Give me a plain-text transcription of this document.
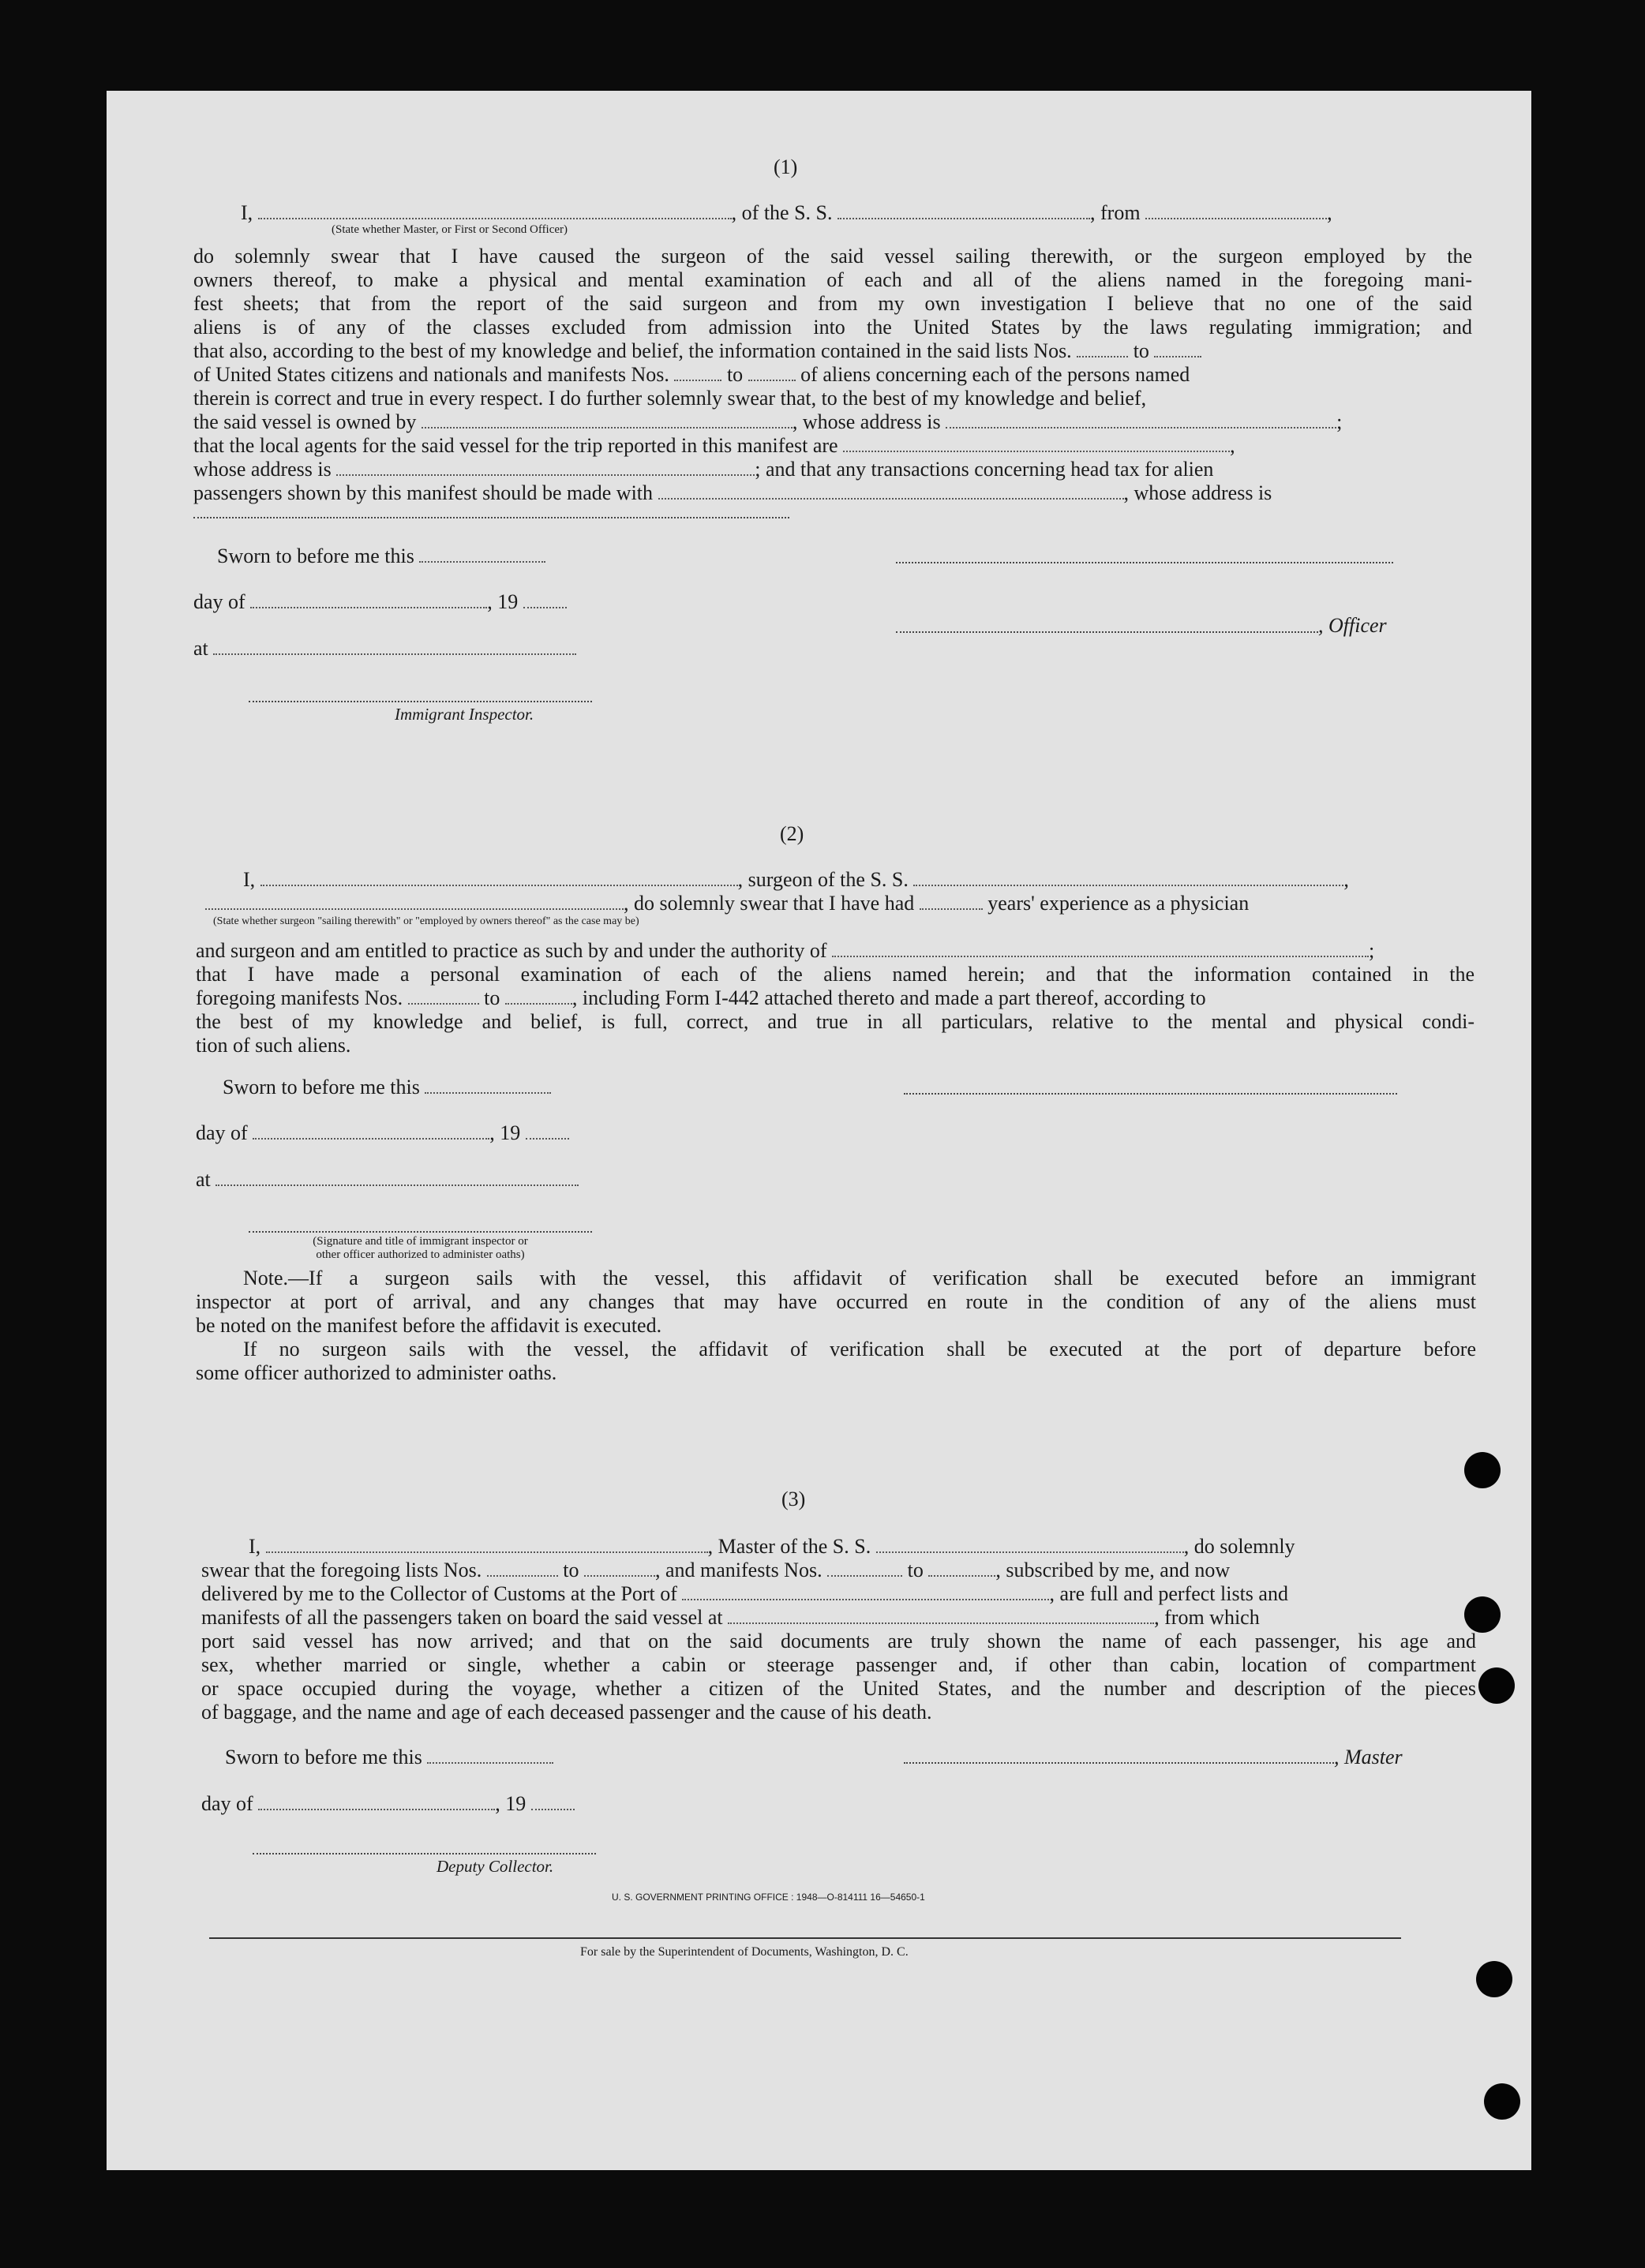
(1)
I,	, of the S. S.	, from	,
(State whether Master, or First or Second Officer)
do solemnly swear that I have caused the surgeon of the said vessel sailing therewith, or the surgeon employed by the
owners thereof, to make a physical and mental examination of each and all of the aliens named in the foregoing mani-
fest sheets; that from the report of the said surgeon and from my own investigation I believe that no one of the said
aliens is of any of the classes excluded from admission into the United States by the laws regulating immigration; and
that also, according to the best of my knowledge and belief, the information contained in the said lists Nos.	to
of United States citizens and nationals and manifests Nos.	to	of aliens concerning each of the persons named
therein is correct and true in every respect. I do further solemnly swear that, to the best of my knowledge and belief,
the said vessel is owned by	, whose address is	;
that the local agents for the said vessel for the trip reported in this manifest are	,
whose address is	; and that any transactions concerning head tax for alien
passengers shown by this manifest should be made with	, whose address is
Sworn to before me this
day of	, 19
, Officer
at
Immigrant Inspector.
(2)
I,	, surgeon of the S. S.	,
, do solemnly swear that I have had	years' experience as a physician
(State whether surgeon "sailing therewith" or "employed by owners thereof" as the case may be)
and surgeon and am entitled to practice as such by and under the authority of	;
that I have made a personal examination of each of the aliens named herein; and that the information contained in the
foregoing manifests Nos.	to	, including Form I-442 attached thereto and made a part thereof, according to
the best of my knowledge and belief, is full, correct, and true in all particulars, relative to the mental and physical condi-
tion of such aliens.
Sworn to before me this
day of	, 19
at
(Signature and title of immigrant inspector or
other officer authorized to administer oaths)
Note.—If a surgeon sails with the vessel, this affidavit of verification shall be executed before an immigrant
inspector at port of arrival, and any changes that may have occurred en route in the condition of any of the aliens must
be noted on the manifest before the affidavit is executed.
If no surgeon sails with the vessel, the affidavit of verification shall be executed at the port of departure before
some officer authorized to administer oaths.
(3)
I,	, Master of the S. S.	, do solemnly
swear that the foregoing lists Nos.	to	, and manifests Nos.	to	, subscribed by me, and now
delivered by me to the Collector of Customs at the Port of	, are full and perfect lists and
manifests of all the passengers taken on board the said vessel at	, from which
port said vessel has now arrived; and that on the said documents are truly shown the name of each passenger, his age and
sex, whether married or single, whether a cabin or steerage passenger and, if other than cabin, location of compartment
or space occupied during the voyage, whether a citizen of the United States, and the number and description of the pieces
of baggage, and the name and age of each deceased passenger and the cause of his death.
Sworn to before me this	, Master
day of	, 19
Deputy Collector.
U. S. GOVERNMENT PRINTING OFFICE : 1948—O-814111 16—54650-1
For sale by the Superintendent of Documents, Washington, D. C.
